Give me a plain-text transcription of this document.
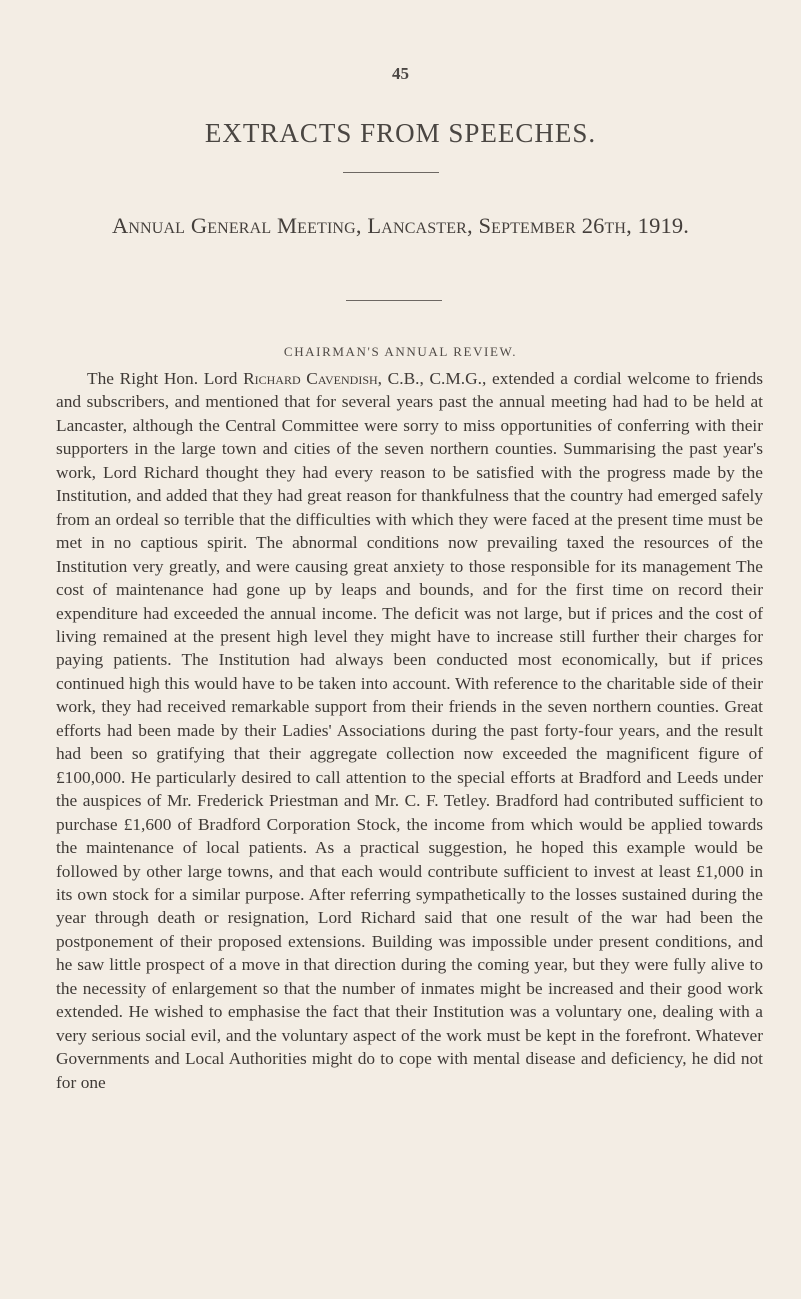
45
EXTRACTS FROM SPEECHES.
Annual General Meeting, Lancaster, September 26th, 1919.
CHAIRMAN'S ANNUAL REVIEW.

The Right Hon. Lord Richard Cavendish, C.B., C.M.G., extended a cordial welcome to friends and subscribers, and mentioned that for several years past the annual meeting had had to be held at Lancaster, although the Central Committee were sorry to miss opportunities of conferring with their supporters in the large town and cities of the seven northern counties. Summarising the past year's work, Lord Richard thought they had every reason to be satisfied with the progress made by the Institution, and added that they had great reason for thankfulness that the country had emerged safely from an ordeal so terrible that the difficulties with which they were faced at the present time must be met in no captious spirit. The abnormal conditions now prevailing taxed the resources of the Institution very greatly, and were causing great anxiety to those responsible for its management The cost of maintenance had gone up by leaps and bounds, and for the first time on record their expenditure had exceeded the annual income. The deficit was not large, but if prices and the cost of living remained at the present high level they might have to increase still further their charges for paying patients. The Institution had always been conducted most economically, but if prices continued high this would have to be taken into account. With reference to the charitable side of their work, they had received remarkable support from their friends in the seven northern counties. Great efforts had been made by their Ladies' Associations during the past forty-four years, and the result had been so gratifying that their aggregate collection now exceeded the magnificent figure of £100,000. He particularly desired to call attention to the special efforts at Bradford and Leeds under the auspices of Mr. Frederick Priestman and Mr. C. F. Tetley. Bradford had contributed sufficient to purchase £1,600 of Bradford Corporation Stock, the income from which would be applied towards the maintenance of local patients. As a practical suggestion, he hoped this example would be followed by other large towns, and that each would contribute sufficient to invest at least £1,000 in its own stock for a similar purpose. After referring sympathetically to the losses sustained during the year through death or resignation, Lord Richard said that one result of the war had been the postponement of their proposed extensions. Building was impossible under present conditions, and he saw little prospect of a move in that direction during the coming year, but they were fully alive to the necessity of enlargement so that the number of inmates might be increased and their good work extended. He wished to emphasise the fact that their Institution was a voluntary one, dealing with a very serious social evil, and the voluntary aspect of the work must be kept in the forefront. Whatever Governments and Local Authorities might do to cope with mental disease and deficiency, he did not for one
